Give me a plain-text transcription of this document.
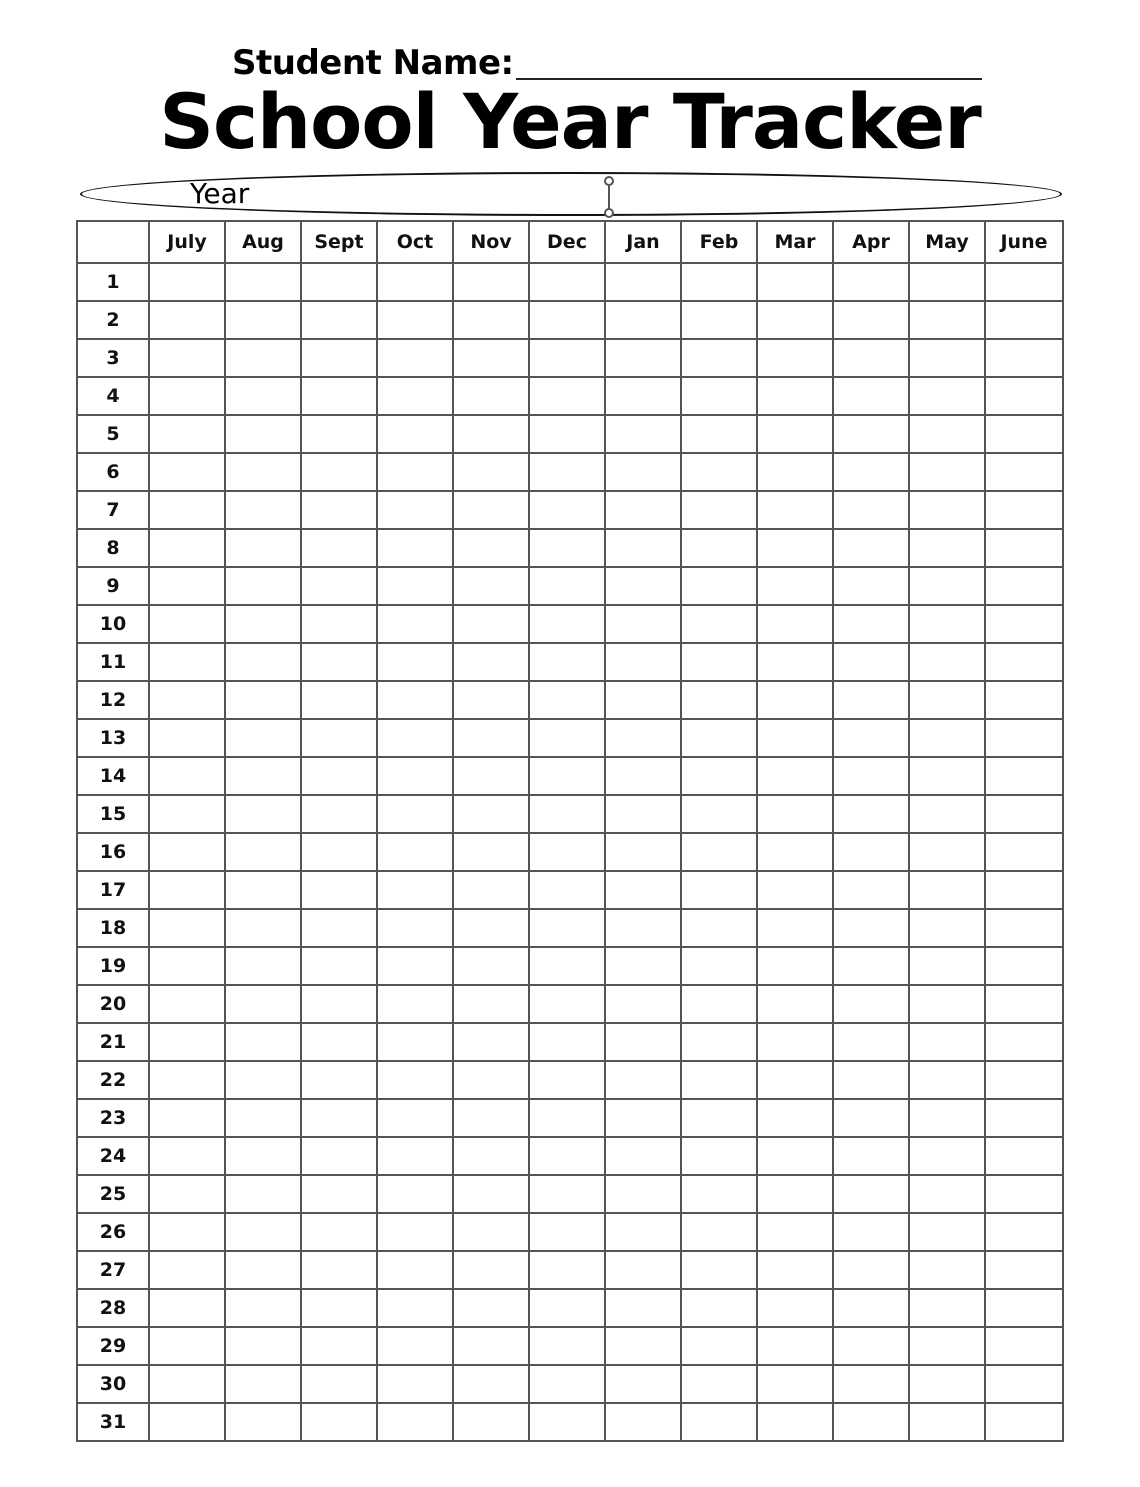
Student Name:
School Year Tracker
Year
	July	Aug	Sept	Oct	Nov	Dec	Jan	Feb	Mar	Apr	May	June
1												
2												
3												
4												
5												
6												
7												
8												
9												
10												
11												
12												
13												
14												
15												
16												
17												
18												
19												
20												
21												
22												
23												
24												
25												
26												
27												
28												
29												
30												
31												
